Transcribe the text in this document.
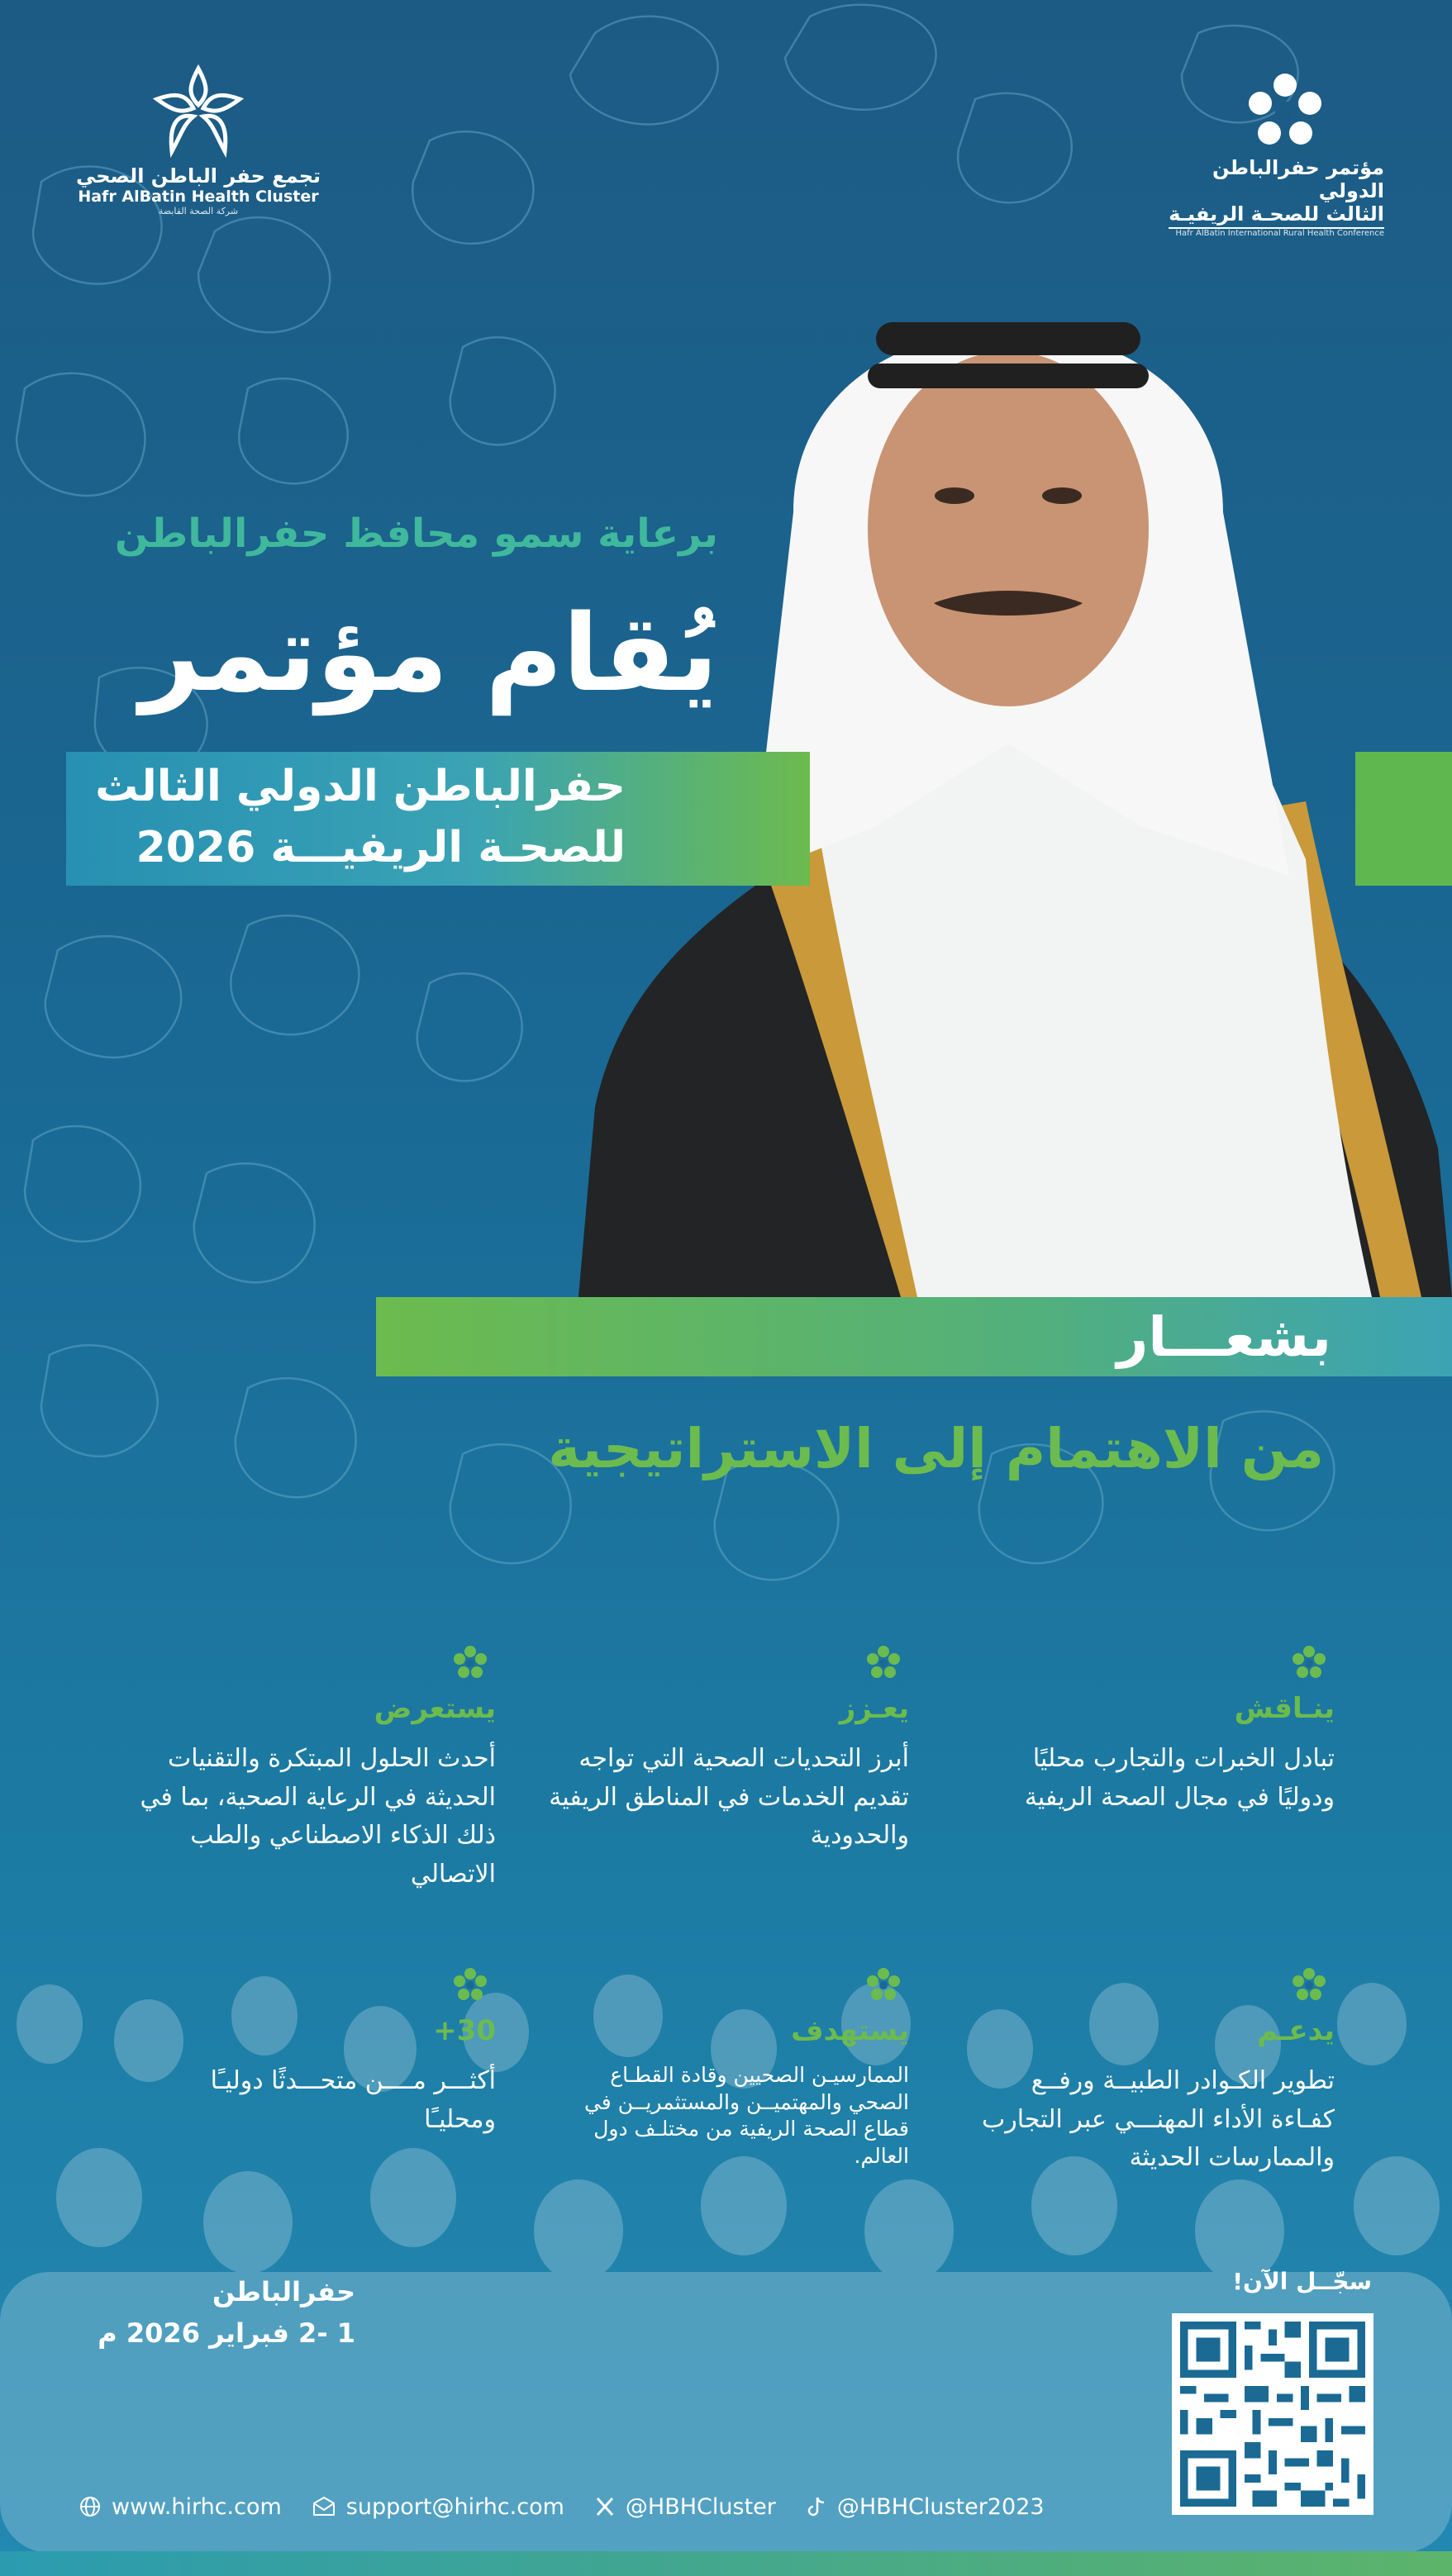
تجمع حفر الباطن الصحي
Hafr AlBatin Health Cluster
شركة الصحة القابضة
مؤتمر حفرالباطن الدولي
الثالث للصحـة الريفيـة
Hafr AlBatin International Rural Health Conference
برعاية سمو محافظ حفرالباطن
يُقام مؤتمر
حفرالباطن الدولي الثالث
للصحـة الريفيـــة 2026
بشعـــار
من الاهتمام إلى الاستراتيجية
ينـاقش
تبادل الخبرات والتجارب محليًا ودوليًا في مجال الصحة الريفية
يعـزز
أبرز التحديات الصحية التي تواجه تقديم الخدمات في المناطق الريفية والحدودية
يستعرض
أحدث الحلول المبتكرة والتقنيات الحديثة في الرعاية الصحية، بما في ذلك الذكاء الاصطناعي والطب الاتصالي
يدعـم
تطوير الكـوادر الطبيــة ورفــع كفـاءة الأداء المهنـــي عبر التجارب والممارسات الحديثة
يستهدف
الممارسيـن الصحيين وقادة القطـاع الصحي والمهتميــن والمستثمريــن في قطاع الصحة الريفية من مختلـف دول العالم.
+30
أكثـــر مــــن متحـــدثًا دوليـًا ومحليـًا
حفرالباطن
1 -2 فبراير 2026 م
سجّــل الآن!
www.hirhc.com	support@hirhc.com	@HBHCluster	@HBHCluster2023
